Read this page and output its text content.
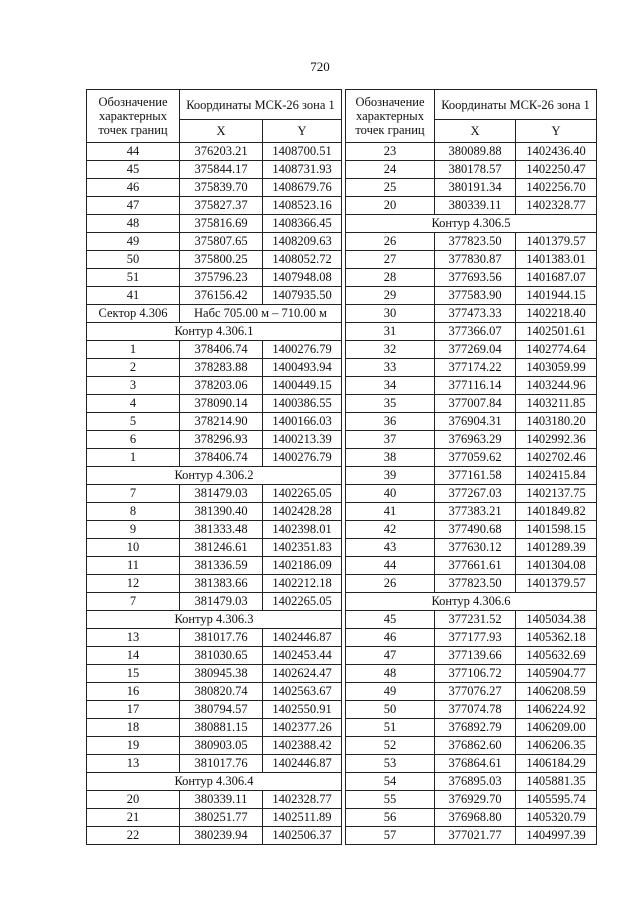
720
Обозначение характерных точек границ	Координаты МСК-26 зона 1	
	X	Y
44	376203.21	1408700.51
45	375844.17	1408731.93
46	375839.70	1408679.76
47	375827.37	1408523.16
48	375816.69	1408366.45
49	375807.65	1408209.63
50	375800.25	1408052.72
51	375796.23	1407948.08
41	376156.42	1407935.50
Сектор 4.306	Набс 705.00 м – 710.00 м	
Контур 4.306.1		
1	378406.74	1400276.79
2	378283.88	1400493.94
3	378203.06	1400449.15
4	378090.14	1400386.55
5	378214.90	1400166.03
6	378296.93	1400213.39
1	378406.74	1400276.79
Контур 4.306.2		
7	381479.03	1402265.05
8	381390.40	1402428.28
9	381333.48	1402398.01
10	381246.61	1402351.83
11	381336.59	1402186.09
12	381383.66	1402212.18
7	381479.03	1402265.05
Контур 4.306.3		
13	381017.76	1402446.87
14	381030.65	1402453.44
15	380945.38	1402624.47
16	380820.74	1402563.67
17	380794.57	1402550.91
18	380881.15	1402377.26
19	380903.05	1402388.42
13	381017.76	1402446.87
Контур 4.306.4		
20	380339.11	1402328.77
21	380251.77	1402511.89
22	380239.94	1402506.37
Обозначение характерных точек границ	Координаты МСК-26 зона 1	
	X	Y
23	380089.88	1402436.40
24	380178.57	1402250.47
25	380191.34	1402256.70
20	380339.11	1402328.77
Контур 4.306.5		
26	377823.50	1401379.57
27	377830.87	1401383.01
28	377693.56	1401687.07
29	377583.90	1401944.15
30	377473.33	1402218.40
31	377366.07	1402501.61
32	377269.04	1402774.64
33	377174.22	1403059.99
34	377116.14	1403244.96
35	377007.84	1403211.85
36	376904.31	1403180.20
37	376963.29	1402992.36
38	377059.62	1402702.46
39	377161.58	1402415.84
40	377267.03	1402137.75
41	377383.21	1401849.82
42	377490.68	1401598.15
43	377630.12	1401289.39
44	377661.61	1401304.08
26	377823.50	1401379.57
Контур 4.306.6		
45	377231.52	1405034.38
46	377177.93	1405362.18
47	377139.66	1405632.69
48	377106.72	1405904.77
49	377076.27	1406208.59
50	377074.78	1406224.92
51	376892.79	1406209.00
52	376862.60	1406206.35
53	376864.61	1406184.29
54	376895.03	1405881.35
55	376929.70	1405595.74
56	376968.80	1405320.79
57	377021.77	1404997.39
